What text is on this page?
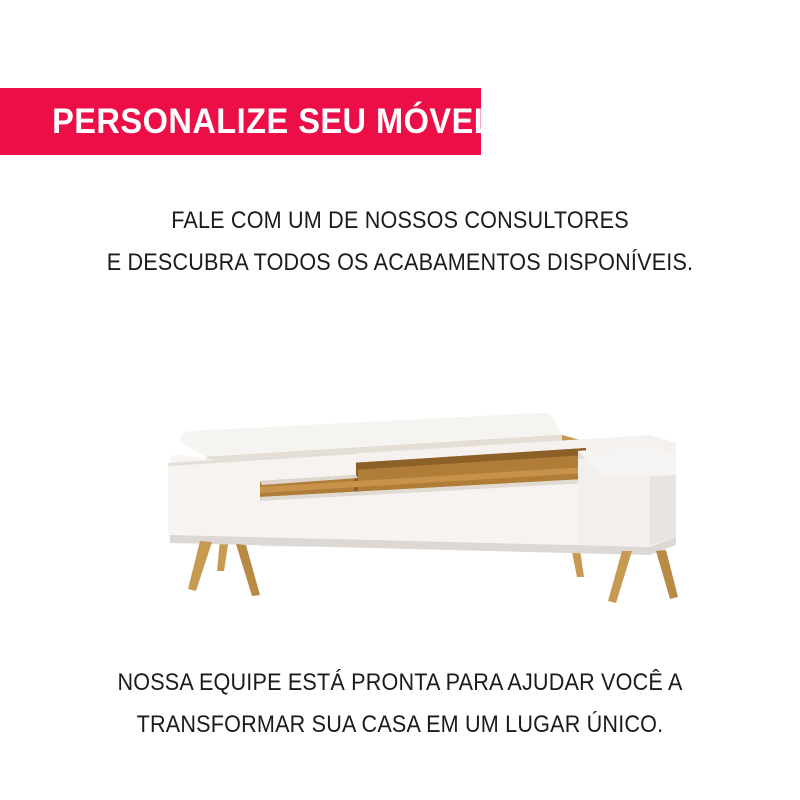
PERSONALIZE SEU MÓVEL
FALE COM UM DE NOSSOS CONSULTORES
E DESCUBRA TODOS OS ACABAMENTOS DISPONÍVEIS.
NOSSA EQUIPE ESTÁ PRONTA PARA AJUDAR VOCÊ A
TRANSFORMAR SUA CASA EM UM LUGAR ÚNICO.
